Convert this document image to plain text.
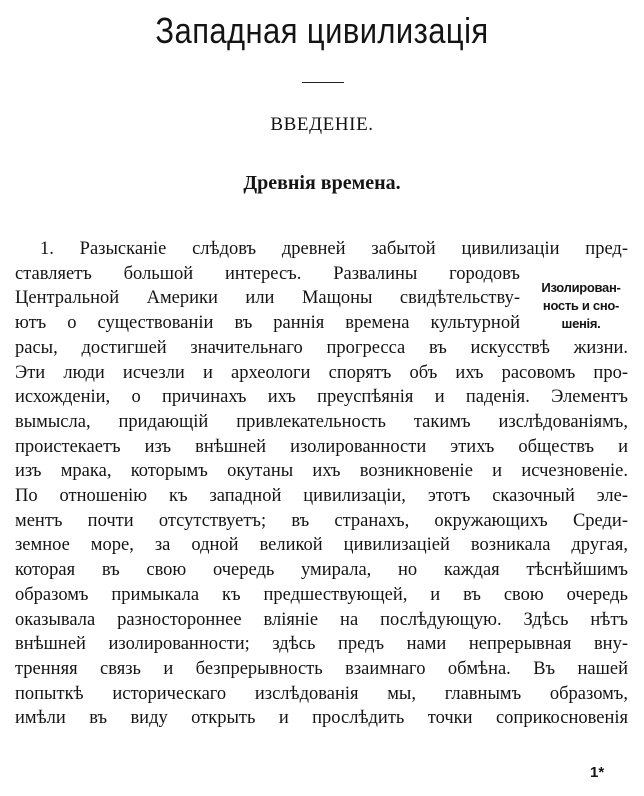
Западная цивилизацiя
ВВЕДЕНIЕ.
Древнiя времена.
1. Разысканiе слѣдовъ древней забытой цивилизацiи пред-
ставляетъ большой интересъ. Развалины городовъ
Центральной Америки или Мащоны свидѣтельству-
ютъ о существованiи въ раннiя времена культурной
расы, достигшей значительнаго прогресса въ искусствѣ жизни.
Эти люди исчезли и археологи спорятъ объ ихъ расовомъ про-
исхожденiи, о причинахъ ихъ преуспѣянiя и паденiя. Элементъ
вымысла, придающiй привлекательность такимъ изслѣдованiямъ,
проистекаетъ изъ внѣшней изолированности этихъ обществъ и
изъ мрака, которымъ окутаны ихъ возникновенiе и исчезновенiе.
По отношенiю къ западной цивилизацiи, этотъ сказочный эле-
ментъ почти отсутствуетъ; въ странахъ, окружающихъ Среди-
земное море, за одной великой цивилизацiей возникала другая,
которая въ свою очередь умирала, но каждая тѣснѣйшимъ
образомъ примыкала къ предшествующей, и въ свою очередь
оказывала разностороннее влiянiе на послѣдующую. Здѣсь нѣтъ
внѣшней изолированности; здѣсь предъ нами непрерывная вну-
тренняя связь и безпрерывность взаимнаго обмѣна. Въ нашей
попыткѣ историческаго изслѣдованiя мы, главнымъ образомъ,
имѣли въ виду открыть и прослѣдить точки соприкосновенiя
Изолирован-
ность и сно-
шенiя.
1*
